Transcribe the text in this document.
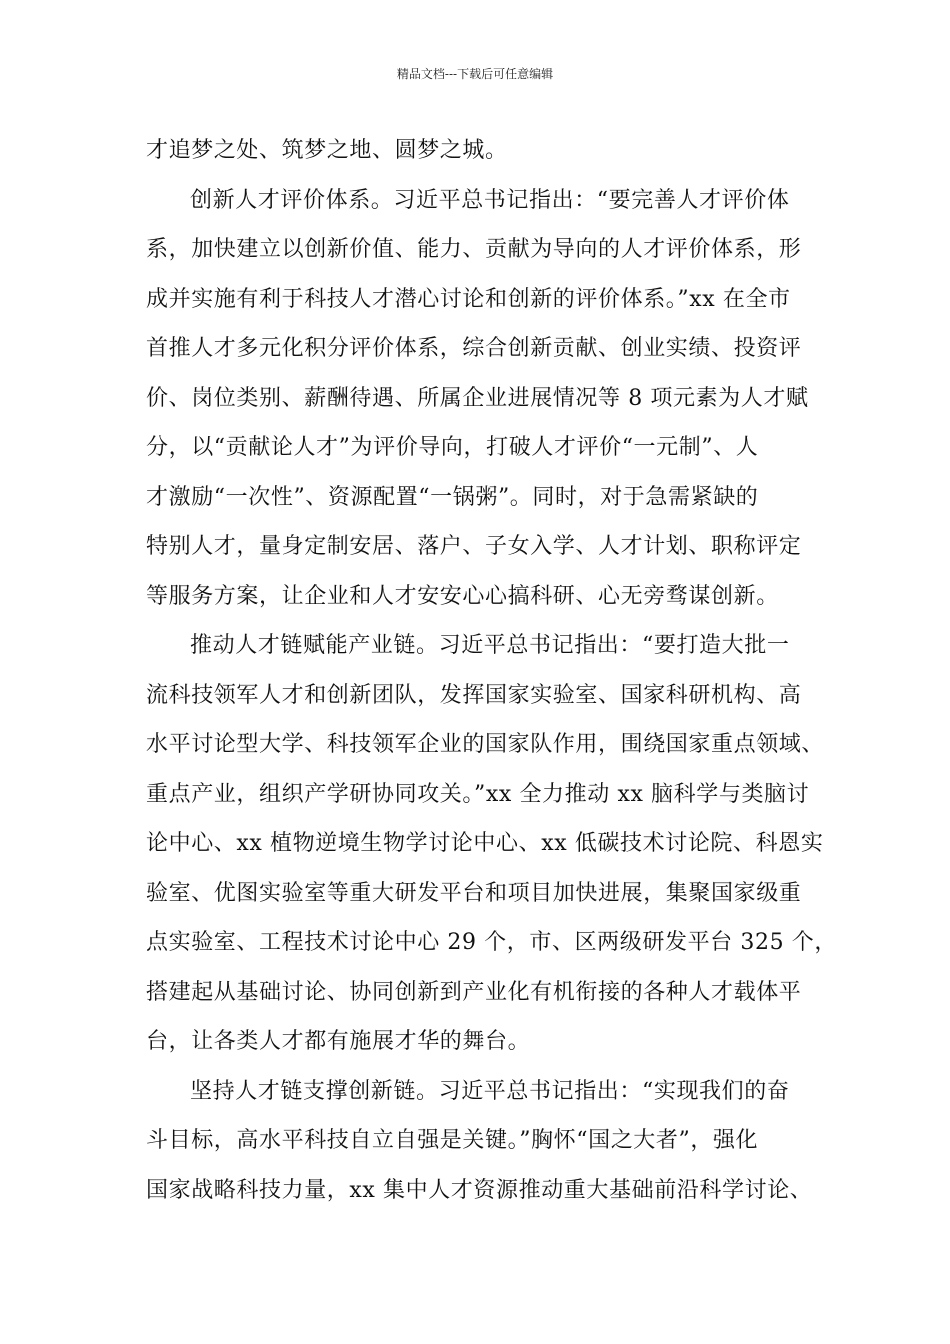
精品文档---下载后可任意编辑
才追梦之处、筑梦之地、圆梦之城。
创新人才评价体系。习近平总书记指出：“要完善人才评价体
系，加快建立以创新价值、能力、贡献为导向的人才评价体系，形
成并实施有利于科技人才潜心讨论和创新的评价体系。”xx 在全市
首推人才多元化积分评价体系，综合创新贡献、创业实绩、投资评
价、岗位类别、薪酬待遇、所属企业进展情况等 8 项元素为人才赋
分，以“贡献论人才”为评价导向，打破人才评价“一元制”、人
才激励“一次性”、资源配置“一锅粥”。同时，对于急需紧缺的
特别人才，量身定制安居、落户、子女入学、人才计划、职称评定
等服务方案，让企业和人才安安心心搞科研、心无旁骛谋创新。
推动人才链赋能产业链。习近平总书记指出：“要打造大批一
流科技领军人才和创新团队，发挥国家实验室、国家科研机构、高
水平讨论型大学、科技领军企业的国家队作用，围绕国家重点领域、
重点产业，组织产学研协同攻关。”xx 全力推动 xx 脑科学与类脑讨
论中心、xx 植物逆境生物学讨论中心、xx 低碳技术讨论院、科恩实
验室、优图实验室等重大研发平台和项目加快进展，集聚国家级重
点实验室、工程技术讨论中心 29 个，市、区两级研发平台 325 个，
搭建起从基础讨论、协同创新到产业化有机衔接的各种人才载体平
台，让各类人才都有施展才华的舞台。
坚持人才链支撑创新链。习近平总书记指出：“实现我们的奋
斗目标，高水平科技自立自强是关键。”胸怀“国之大者”，强化
国家战略科技力量，xx 集中人才资源推动重大基础前沿科学讨论、
